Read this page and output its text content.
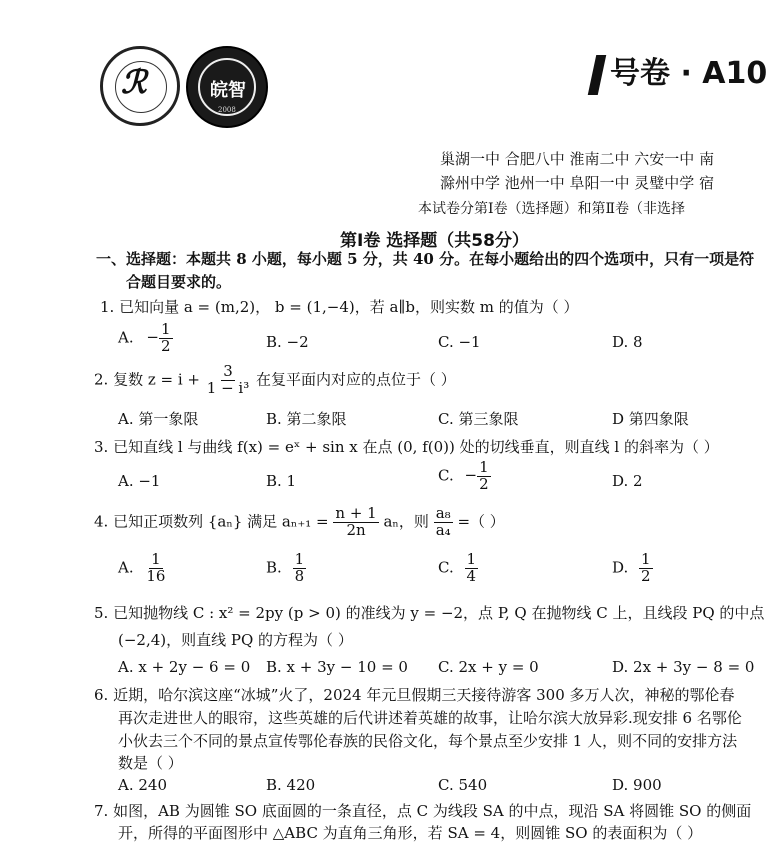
ℛ	皖智
2008
号卷 · A10
巢湖一中 合肥八中 淮南二中 六安一中 南
滁州中学 池州一中 阜阳一中 灵璧中学 宿
本试卷分第Ⅰ卷（选择题）和第Ⅱ卷（非选择
第Ⅰ卷 选择题（共58分）
一、选择题：本题共 8 小题，每小题 5 分，共 40 分。在每小题给出的四个选项中，只有一项是符
合题目要求的。
1. 已知向量 a = (m,2)， b = (1,−4)，若 a∥b，则实数 m 的值为（ ）
A. − $\frac{1}{2}$	B. −2	C. −1	D. 8
2. 复数 $z = i + \frac{3}{\text{1 − i³}}$ 在复平面内对应的点位于（ ）
A. 第一象限	B. 第二象限	C. 第三象限	D 第四象限
3. 已知直线 l 与曲线 f(x) = eˣ + sin x 在点 (0, f(0)) 处的切线垂直，则直线 l 的斜率为（ ）
A. −1	B. 1	C. − $\frac{1}{2}$	D. 2
4. 已知正项数列 {aₙ} 满足 $a_{n+1} = \frac{n + 1}{2n}$ aₙ，则 $\frac{\text{a₈}}{\text{a₄}}$ =（ ）
A. $\frac{1}{16}$	B. $\frac{1}{8}$	C. $\frac{1}{4}$	D. $\frac{1}{2}$
5. 已知抛物线 C : x² = 2py (p > 0) 的准线为 y = −2，点 P, Q 在抛物线 C 上，且线段 PQ 的中点
(−2,4)，则直线 PQ 的方程为（ ）
A. x + 2y − 6 = 0 B. x + 3y − 10 = 0 C. 2x + y = 0	D. 2x + 3y − 8 = 0
6. 近期，哈尔滨这座“冰城”火了，2024 年元旦假期三天接待游客 300 多万人次，神秘的鄂伦春
再次走进世人的眼帘，这些英雄的后代讲述着英雄的故事，让哈尔滨大放异彩.现安排 6 名鄂伦
小伙去三个不同的景点宣传鄂伦春族的民俗文化，每个景点至少安排 1 人，则不同的安排方法
数是（ ）
A. 240	B. 420	C. 540	D. 900
7. 如图，AB 为圆锥 SO 底面圆的一条直径，点 C 为线段 SA 的中点，现沿 SA 将圆锥 SO 的侧面
开，所得的平面图形中 △ABC 为直角三角形，若 SA = 4，则圆锥 SO 的表面积为（ ）
